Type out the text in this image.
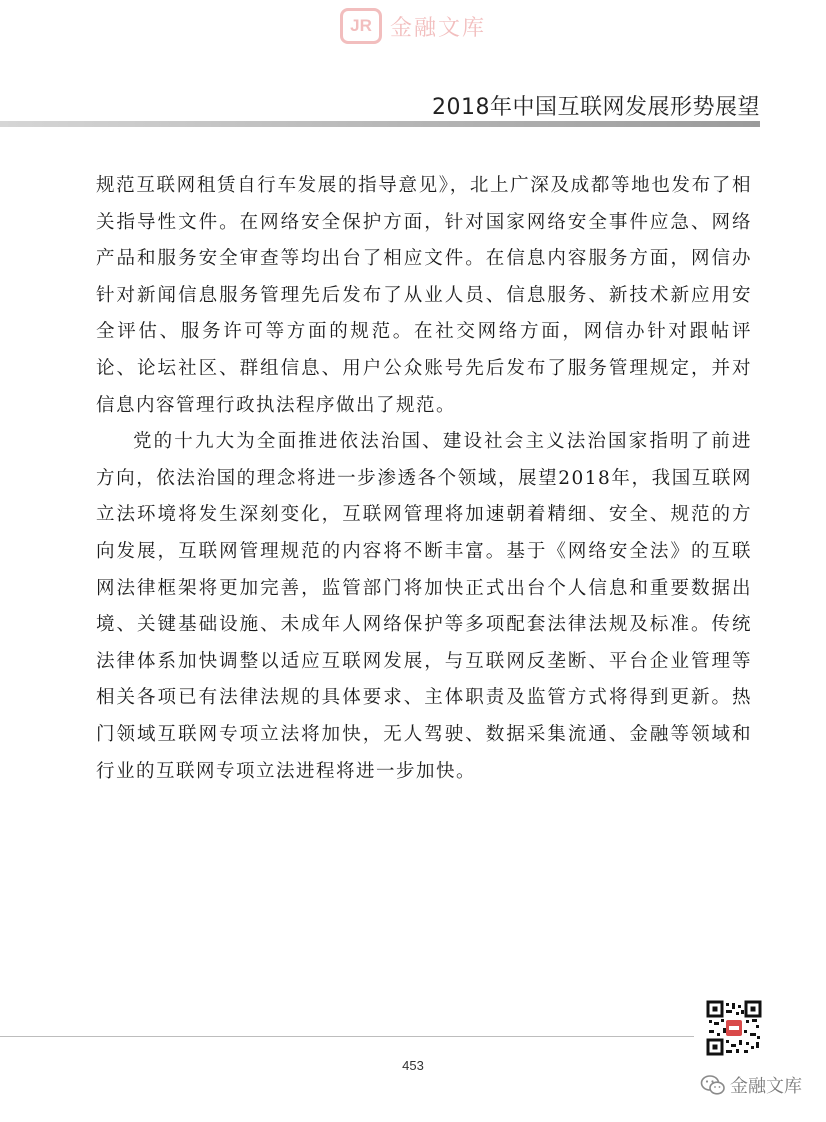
JR 金融文库
2018年中国互联网发展形势展望

规范互联网租赁自行车发展的指导意见》，北上广深及成都等地也发布了相关指导性文件。在网络安全保护方面，针对国家网络安全事件应急、网络产品和服务安全审查等均出台了相应文件。在信息内容服务方面，网信办针对新闻信息服务管理先后发布了从业人员、信息服务、新技术新应用安全评估、服务许可等方面的规范。在社交网络方面，网信办针对跟帖评论、论坛社区、群组信息、用户公众账号先后发布了服务管理规定，并对信息内容管理行政执法程序做出了规范。

党的十九大为全面推进依法治国、建设社会主义法治国家指明了前进方向，依法治国的理念将进一步渗透各个领域，展望2018年，我国互联网立法环境将发生深刻变化，互联网管理将加速朝着精细、安全、规范的方向发展，互联网管理规范的内容将不断丰富。基于《网络安全法》的互联网法律框架将更加完善，监管部门将加快正式出台个人信息和重要数据出境、关键基础设施、未成年人网络保护等多项配套法律法规及标准。传统法律体系加快调整以适应互联网发展，与互联网反垄断、平台企业管理等相关各项已有法律法规的具体要求、主体职责及监管方式将得到更新。热门领域互联网专项立法将加快，无人驾驶、数据采集流通、金融等领域和行业的互联网专项立法进程将进一步加快。

453
金融文库
